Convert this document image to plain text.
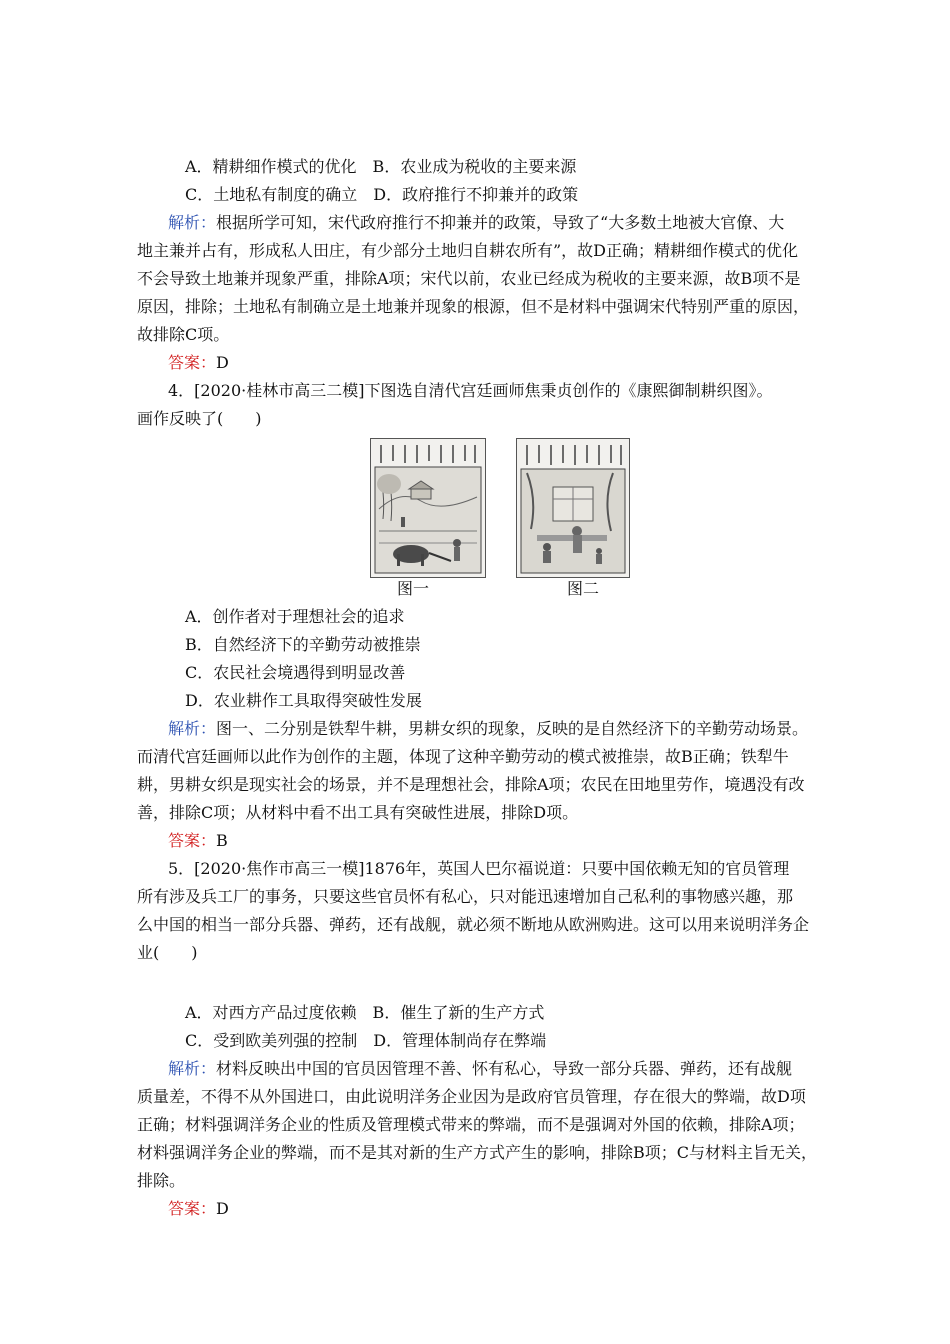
A．精耕细作模式的优化　B．农业成为税收的主要来源
C．土地私有制度的确立　D．政府推行不抑兼并的政策
解析：根据所学可知，宋代政府推行不抑兼并的政策，导致了“大多数土地被大官僚、大
地主兼并占有，形成私人田庄，有少部分土地归自耕农所有”，故D正确；精耕细作模式的优化
不会导致土地兼并现象严重，排除A项；宋代以前，农业已经成为税收的主要来源，故B项不是
原因，排除；土地私有制确立是土地兼并现象的根源，但不是材料中强调宋代特别严重的原因，
故排除C项。
答案：D
4．[2020·桂林市高三二模]下图选自清代宫廷画师焦秉贞创作的《康熙御制耕织图》。
画作反映了(　　)
图一	图二
A．创作者对于理想社会的追求
B．自然经济下的辛勤劳动被推崇
C．农民社会境遇得到明显改善
D．农业耕作工具取得突破性发展
解析：图一、二分别是铁犁牛耕，男耕女织的现象，反映的是自然经济下的辛勤劳动场景。
而清代宫廷画师以此作为创作的主题，体现了这种辛勤劳动的模式被推崇，故B正确；铁犁牛
耕，男耕女织是现实社会的场景，并不是理想社会，排除A项；农民在田地里劳作，境遇没有改
善，排除C项；从材料中看不出工具有突破性进展，排除D项。
答案：B
5．[2020·焦作市高三一模]1876年，英国人巴尔福说道：只要中国依赖无知的官员管理
所有涉及兵工厂的事务，只要这些官员怀有私心，只对能迅速增加自己私利的事物感兴趣，那
么中国的相当一部分兵器、弹药，还有战舰，就必须不断地从欧洲购进。这可以用来说明洋务企
业(　　)
A．对西方产品过度依赖　B．催生了新的生产方式
C．受到欧美列强的控制　D．管理体制尚存在弊端
解析：材料反映出中国的官员因管理不善、怀有私心，导致一部分兵器、弹药，还有战舰
质量差，不得不从外国进口，由此说明洋务企业因为是政府官员管理，存在很大的弊端，故D项
正确；材料强调洋务企业的性质及管理模式带来的弊端，而不是强调对外国的依赖，排除A项；
材料强调洋务企业的弊端，而不是其对新的生产方式产生的影响，排除B项；C与材料主旨无关，
排除。
答案：D
